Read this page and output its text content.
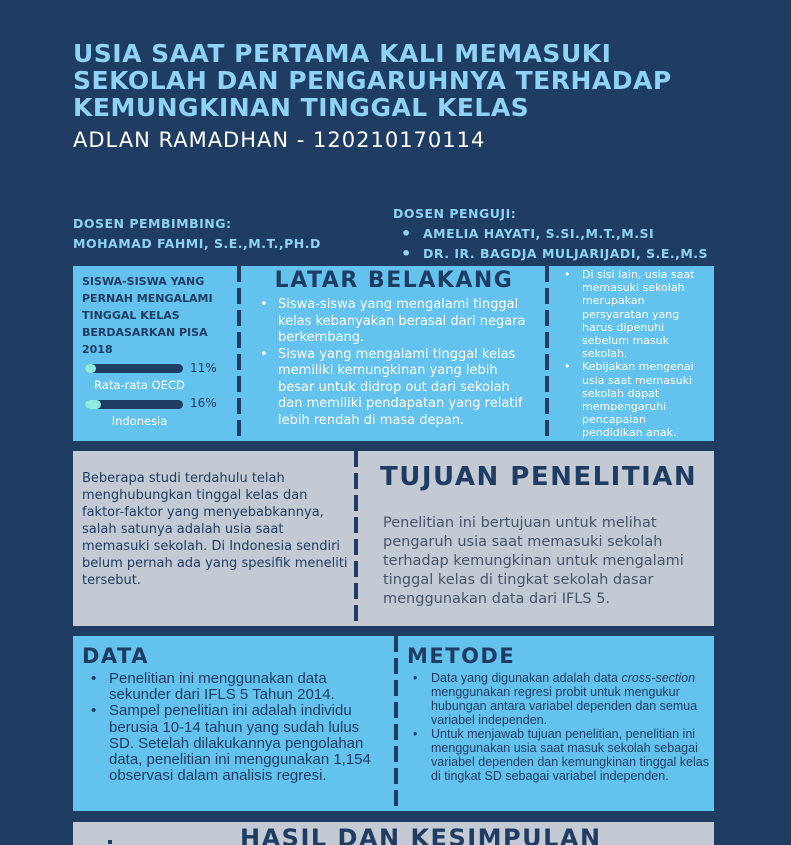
USIA SAAT PERTAMA KALI MEMASUKI SEKOLAH DAN PENGARUHNYA TERHADAP KEMUNGKINAN TINGGAL KELAS
ADLAN RAMADHAN - 120210170114
DOSEN PEMBIMBING:
MOHAMAD FAHMI, S.E.,M.T.,PH.D
DOSEN PENGUJI:
• AMELIA HAYATI, S.SI.,M.T.,M.SI
• DR. IR. BAGDJA MULJARIJADI, S.E.,M.S
SISWA-SISWA YANG PERNAH MENGALAMI TINGGAL KELAS BERDASARKAN PISA 2018
11%
Rata-rata OECD
16%
Indonesia
LATAR BELAKANG
• Siswa-siswa yang mengalami tinggal kelas kebanyakan berasal dari negara berkembang.
• Siswa yang mengalami tinggal kelas memiliki kemungkinan yang lebih besar untuk didrop out dari sekolah dan memiliki pendapatan yang relatif lebih rendah di masa depan.
• Di sisi lain, usia saat memasuki sekolah merupakan persyaratan yang harus dipenuhi sebelum masuk sekolah.
• Kebijakan mengenai usia saat memasuki sekolah dapat mempengaruhi pencapaian pendidikan anak.
Beberapa studi terdahulu telah menghubungkan tinggal kelas dan faktor-faktor yang menyebabkannya, salah satunya adalah usia saat memasuki sekolah. Di Indonesia sendiri belum pernah ada yang spesifik meneliti tersebut.
TUJUAN PENELITIAN
Penelitian ini bertujuan untuk melihat pengaruh usia saat memasuki sekolah terhadap kemungkinan untuk mengalami tinggal kelas di tingkat sekolah dasar menggunakan data dari IFLS 5.
DATA
• Penelitian ini menggunakan data sekunder dari IFLS 5 Tahun 2014.
• Sampel penelitian ini adalah individu berusia 10-14 tahun yang sudah lulus SD. Setelah dilakukannya pengolahan data, penelitian ini menggunakan 1,154 observasi dalam analisis regresi.
METODE
• Data yang digunakan adalah data cross-section menggunakan regresi probit untuk mengukur hubungan antara variabel dependen dan semua variabel independen.
• Untuk menjawab tujuan penelitian, penelitian ini menggunakan usia saat masuk sekolah sebagai variabel dependen dan kemungkinan tinggal kelas di tingkat SD sebagai variabel independen.
HASIL DAN KESIMPULAN
